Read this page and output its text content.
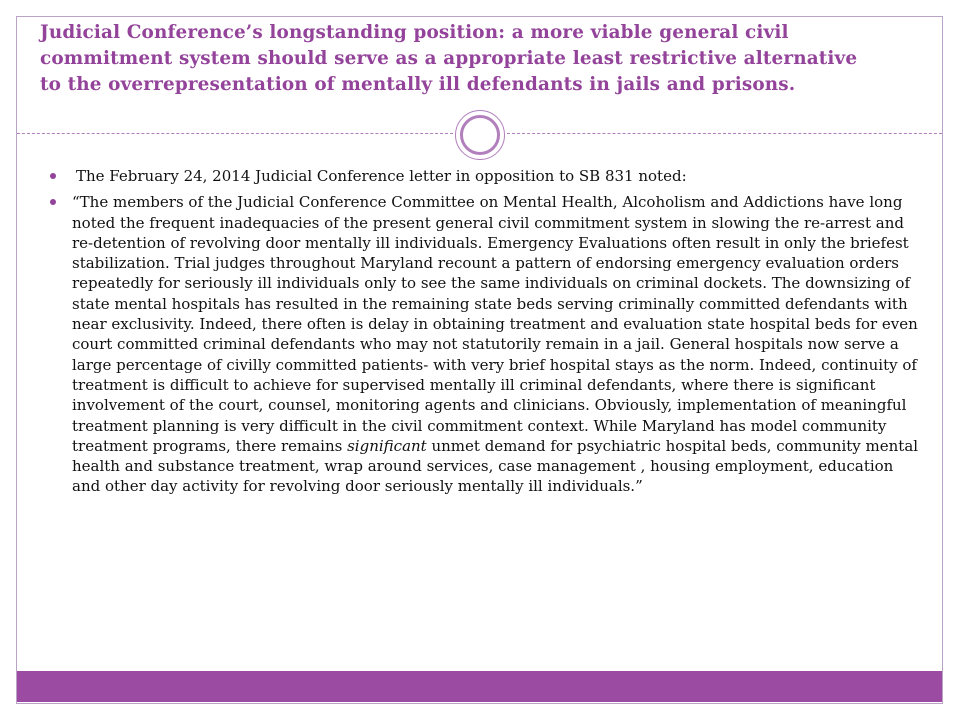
Judicial Conference’s longstanding position: a more viable general civil
commitment system should serve as a appropriate least restrictive alternative
to the overrepresentation of mentally ill defendants in jails and prisons.
The February 24, 2014 Judicial Conference letter in opposition to SB 831 noted:
“The members of the Judicial Conference Committee on Mental Health, Alcoholism and Addictions have long noted the frequent inadequacies of the present general civil commitment system in slowing the re-arrest and re-detention of revolving door mentally ill individuals. Emergency Evaluations often result in only the briefest stabilization. Trial judges throughout Maryland recount a pattern of endorsing emergency evaluation orders repeatedly for seriously ill individuals only to see the same individuals on criminal dockets. The downsizing of state mental hospitals has resulted in the remaining state beds serving criminally committed defendants with near exclusivity. Indeed, there often is delay in obtaining treatment and evaluation state hospital beds for even court committed criminal defendants who may not statutorily remain in a jail. General hospitals now serve a large percentage of civilly committed patients- with very brief hospital stays as the norm. Indeed, continuity of treatment is difficult to achieve for supervised mentally ill criminal defendants, where there is significant involvement of the court, counsel, monitoring agents and clinicians. Obviously, implementation of meaningful treatment planning is very difficult in the civil commitment context. While Maryland has model community treatment programs, there remains significant unmet demand for psychiatric hospital beds, community mental health and substance treatment, wrap around services, case management , housing employment, education and other day activity for revolving door seriously mentally ill individuals.”
